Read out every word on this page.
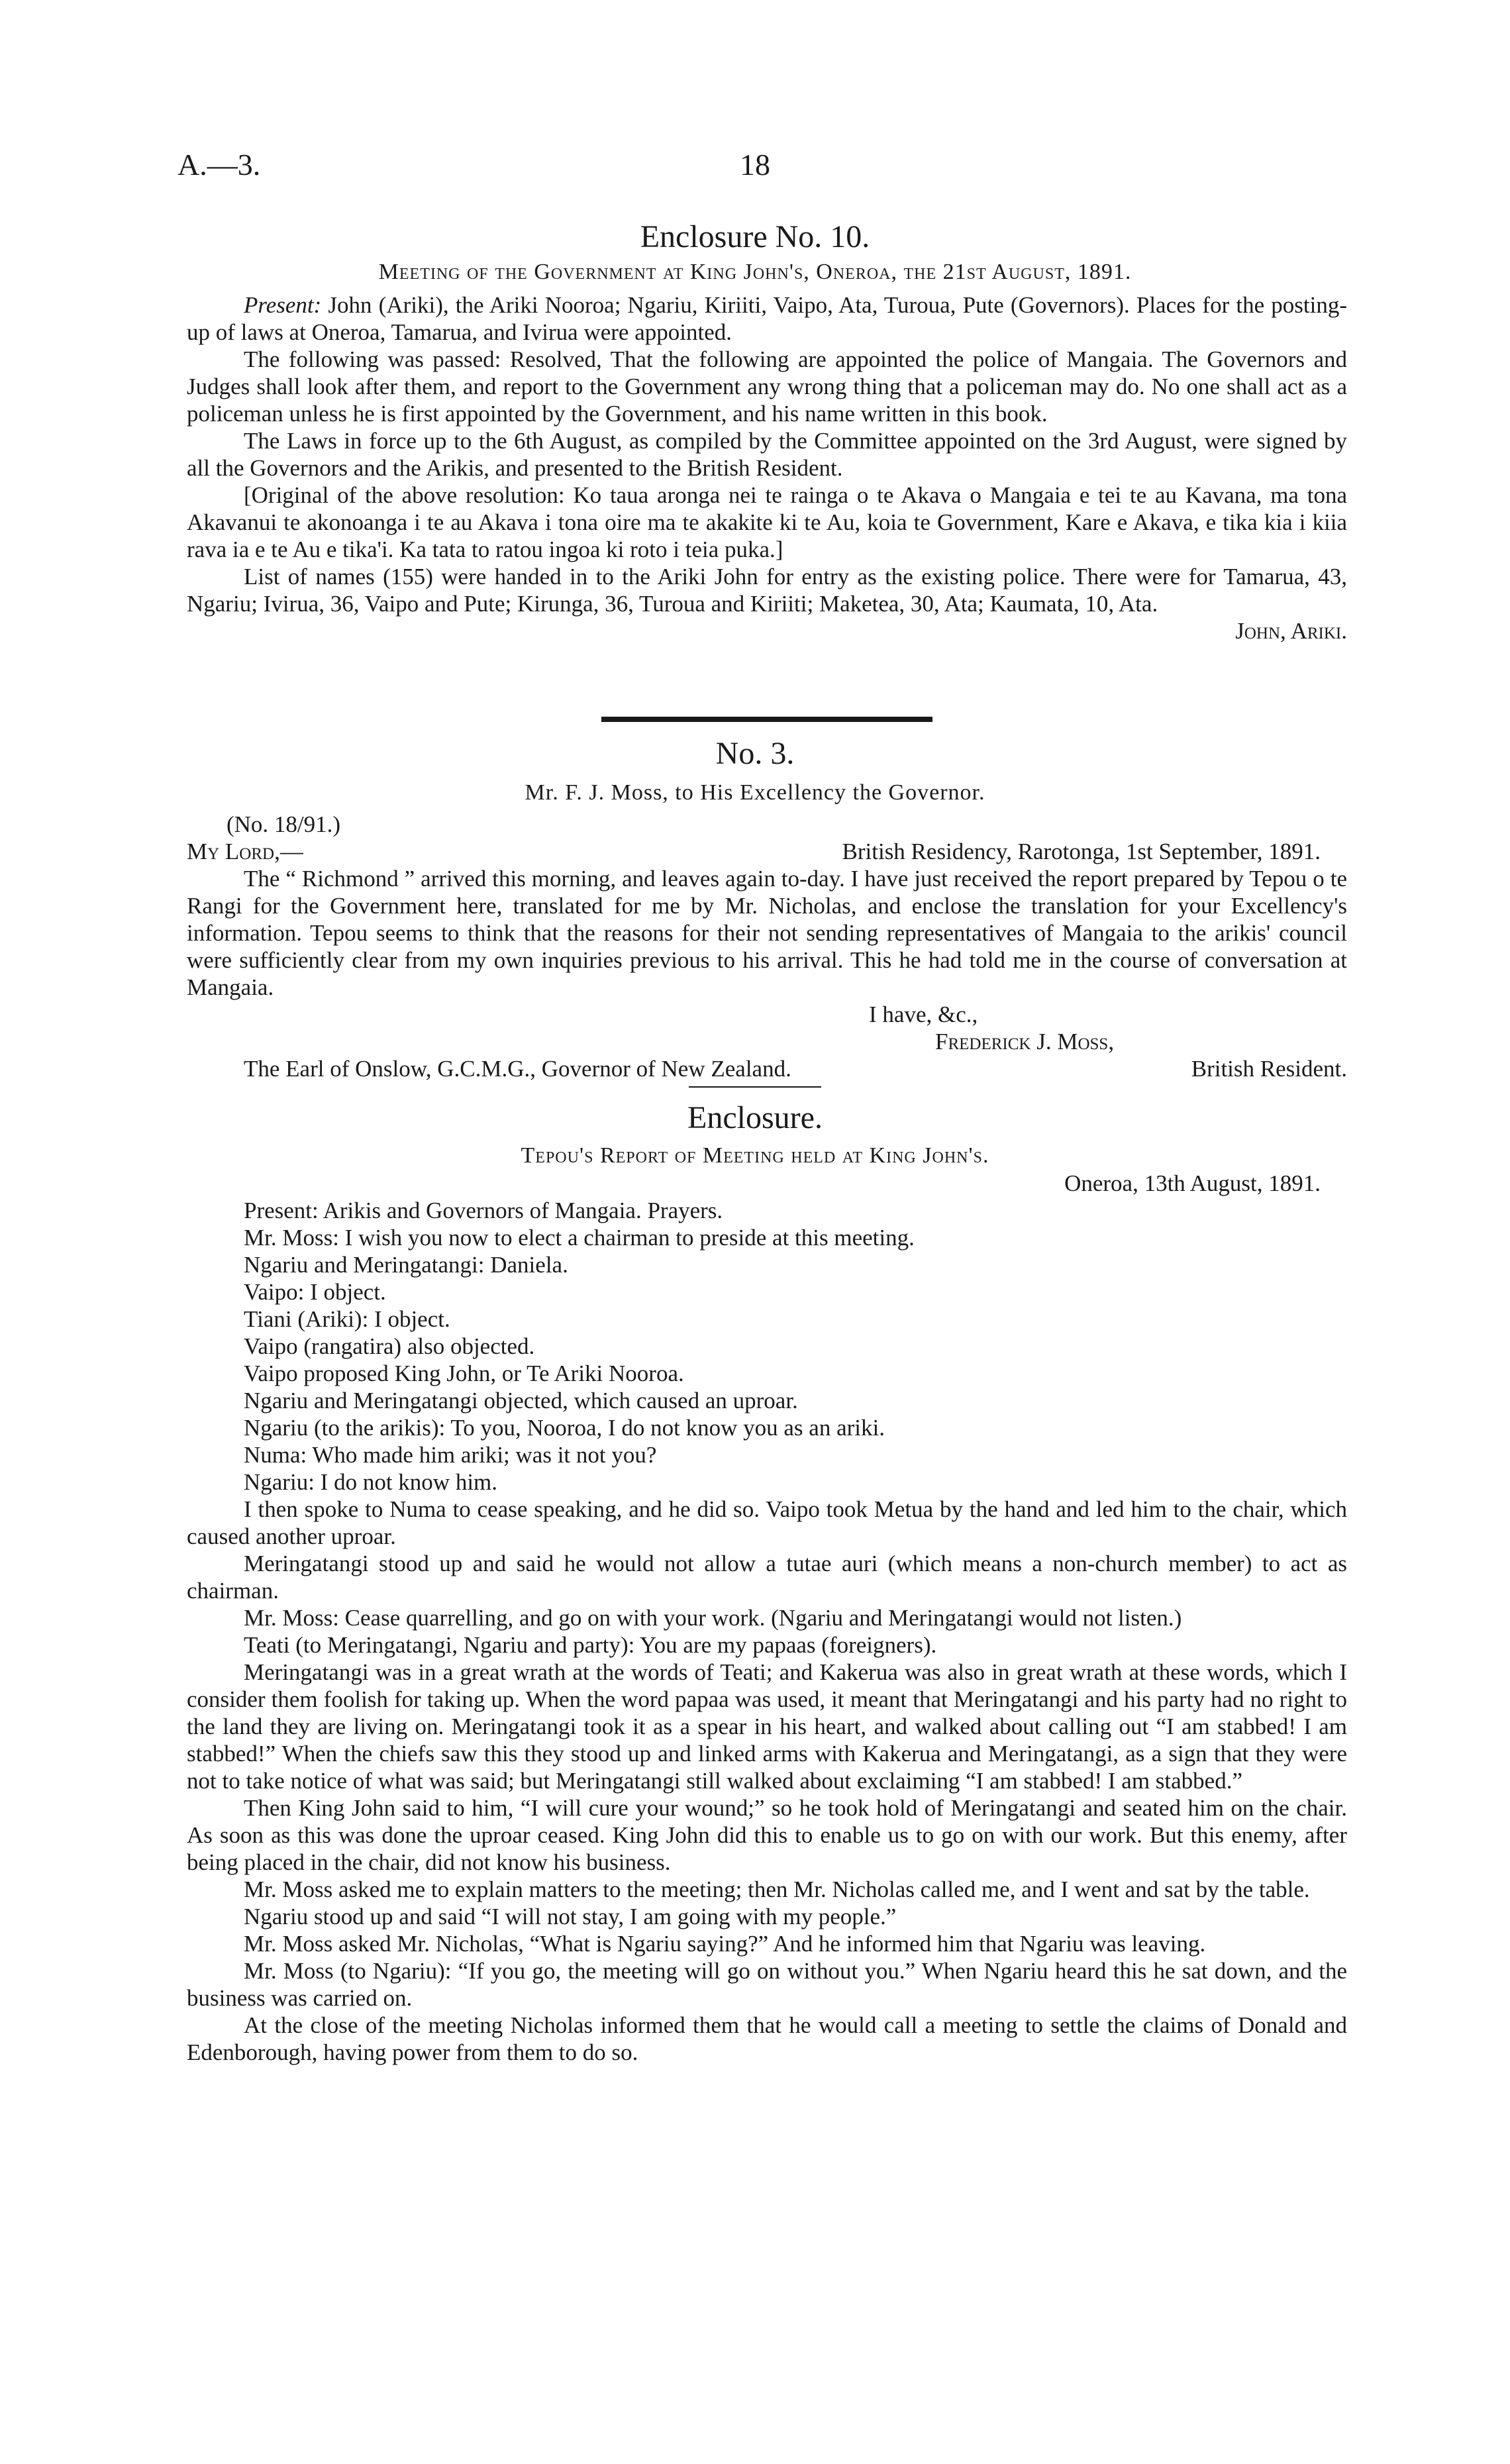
A.—3.	18
Enclosure No. 10.
Meeting of the Government at King John's, Oneroa, the 21st August, 1891.

Present: John (Ariki), the Ariki Nooroa; Ngariu, Kiriiti, Vaipo, Ata, Turoua, Pute (Governors). Places for the posting-up of laws at Oneroa, Tamarua, and Ivirua were appointed.

The following was passed: Resolved, That the following are appointed the police of Mangaia. The Governors and Judges shall look after them, and report to the Government any wrong thing that a policeman may do. No one shall act as a policeman unless he is first appointed by the Government, and his name written in this book.

The Laws in force up to the 6th August, as compiled by the Committee appointed on the 3rd August, were signed by all the Governors and the Arikis, and presented to the British Resident.

[Original of the above resolution: Ko taua aronga nei te rainga o te Akava o Mangaia e tei te au Kavana, ma tona Akavanui te akonoanga i te au Akava i tona oire ma te akakite ki te Au, koia te Government, Kare e Akava, e tika kia i kiia rava ia e te Au e tika'i. Ka tata to ratou ingoa ki roto i teia puka.]

List of names (155) were handed in to the Ariki John for entry as the existing police. There were for Tamarua, 43, Ngariu; Ivirua, 36, Vaipo and Pute; Kirunga, 36, Turoua and Kiriiti; Maketea, 30, Ata; Kaumata, 10, Ata.

John, Ariki.
No. 3.
Mr. F. J. Moss, to His Excellency the Governor.
(No. 18/91.)
My Lord,—	British Residency, Rarotonga, 1st September, 1891.

The “ Richmond ” arrived this morning, and leaves again to-day. I have just received the report prepared by Tepou o te Rangi for the Government here, translated for me by Mr. Nicholas, and enclose the translation for your Excellency's information. Tepou seems to think that the reasons for their not sending representatives of Mangaia to the arikis' council were sufficiently clear from my own inquiries previous to his arrival. This he had told me in the course of conversation at Mangaia.

I have, &c.,
Frederick J. Moss,
The Earl of Onslow, G.C.M.G., Governor of New Zealand.	British Resident.
Enclosure.
Tepou's Report of Meeting held at King John's.
Oneroa, 13th August, 1891.
Present: Arikis and Governors of Mangaia. Prayers.
Mr. Moss: I wish you now to elect a chairman to preside at this meeting.
Ngariu and Meringatangi: Daniela.
Vaipo: I object.
Tiani (Ariki): I object.
Vaipo (rangatira) also objected.
Vaipo proposed King John, or Te Ariki Nooroa.
Ngariu and Meringatangi objected, which caused an uproar.
Ngariu (to the arikis): To you, Nooroa, I do not know you as an ariki.
Numa: Who made him ariki; was it not you?
Ngariu: I do not know him.

I then spoke to Numa to cease speaking, and he did so. Vaipo took Metua by the hand and led him to the chair, which caused another uproar.

Meringatangi stood up and said he would not allow a tutae auri (which means a non-church member) to act as chairman.

Mr. Moss: Cease quarrelling, and go on with your work. (Ngariu and Meringatangi would not listen.)

Teati (to Meringatangi, Ngariu and party): You are my papaas (foreigners).

Meringatangi was in a great wrath at the words of Teati; and Kakerua was also in great wrath at these words, which I consider them foolish for taking up. When the word papaa was used, it meant that Meringatangi and his party had no right to the land they are living on. Meringatangi took it as a spear in his heart, and walked about calling out “I am stabbed! I am stabbed!” When the chiefs saw this they stood up and linked arms with Kakerua and Meringatangi, as a sign that they were not to take notice of what was said; but Meringatangi still walked about exclaiming “I am stabbed! I am stabbed.”

Then King John said to him, “I will cure your wound;” so he took hold of Meringatangi and seated him on the chair. As soon as this was done the uproar ceased. King John did this to enable us to go on with our work. But this enemy, after being placed in the chair, did not know his business.

Mr. Moss asked me to explain matters to the meeting; then Mr. Nicholas called me, and I went and sat by the table.

Ngariu stood up and said “I will not stay, I am going with my people.”

Mr. Moss asked Mr. Nicholas, “What is Ngariu saying?” And he informed him that Ngariu was leaving.

Mr. Moss (to Ngariu): “If you go, the meeting will go on without you.” When Ngariu heard this he sat down, and the business was carried on.

At the close of the meeting Nicholas informed them that he would call a meeting to settle the claims of Donald and Edenborough, having power from them to do so.
